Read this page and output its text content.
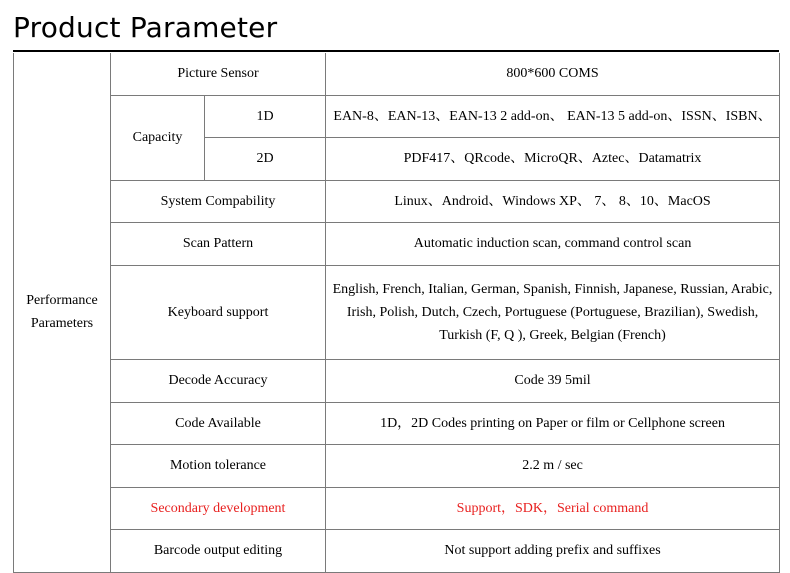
Product Parameter
Performance Parameters	Picture Sensor		800*600 COMS
	Capacity	1D	EAN-8、EAN-13、EAN-13 2 add-on、 EAN-13 5 add-on、ISSN、ISBN、
		2D	PDF417、QRcode、MicroQR、Aztec、Datamatrix
	System Compability		Linux、Android、Windows XP、 7、 8、10、MacOS
	Scan Pattern		Automatic induction scan, command control scan
	Keyboard support		English, French, Italian, German, Spanish, Finnish, Japanese, Russian, Arabic, Irish, Polish, Dutch, Czech, Portuguese (Portuguese, Brazilian), Swedish, Turkish (F, Q ), Greek, Belgian (French)
	Decode Accuracy		Code 39 5mil
	Code Available		1D，2D Codes printing on Paper or film or Cellphone screen
	Motion tolerance		2.2 m / sec
	Secondary development		Support，SDK，Serial command
	Barcode output editing		Not support adding prefix and suffixes
